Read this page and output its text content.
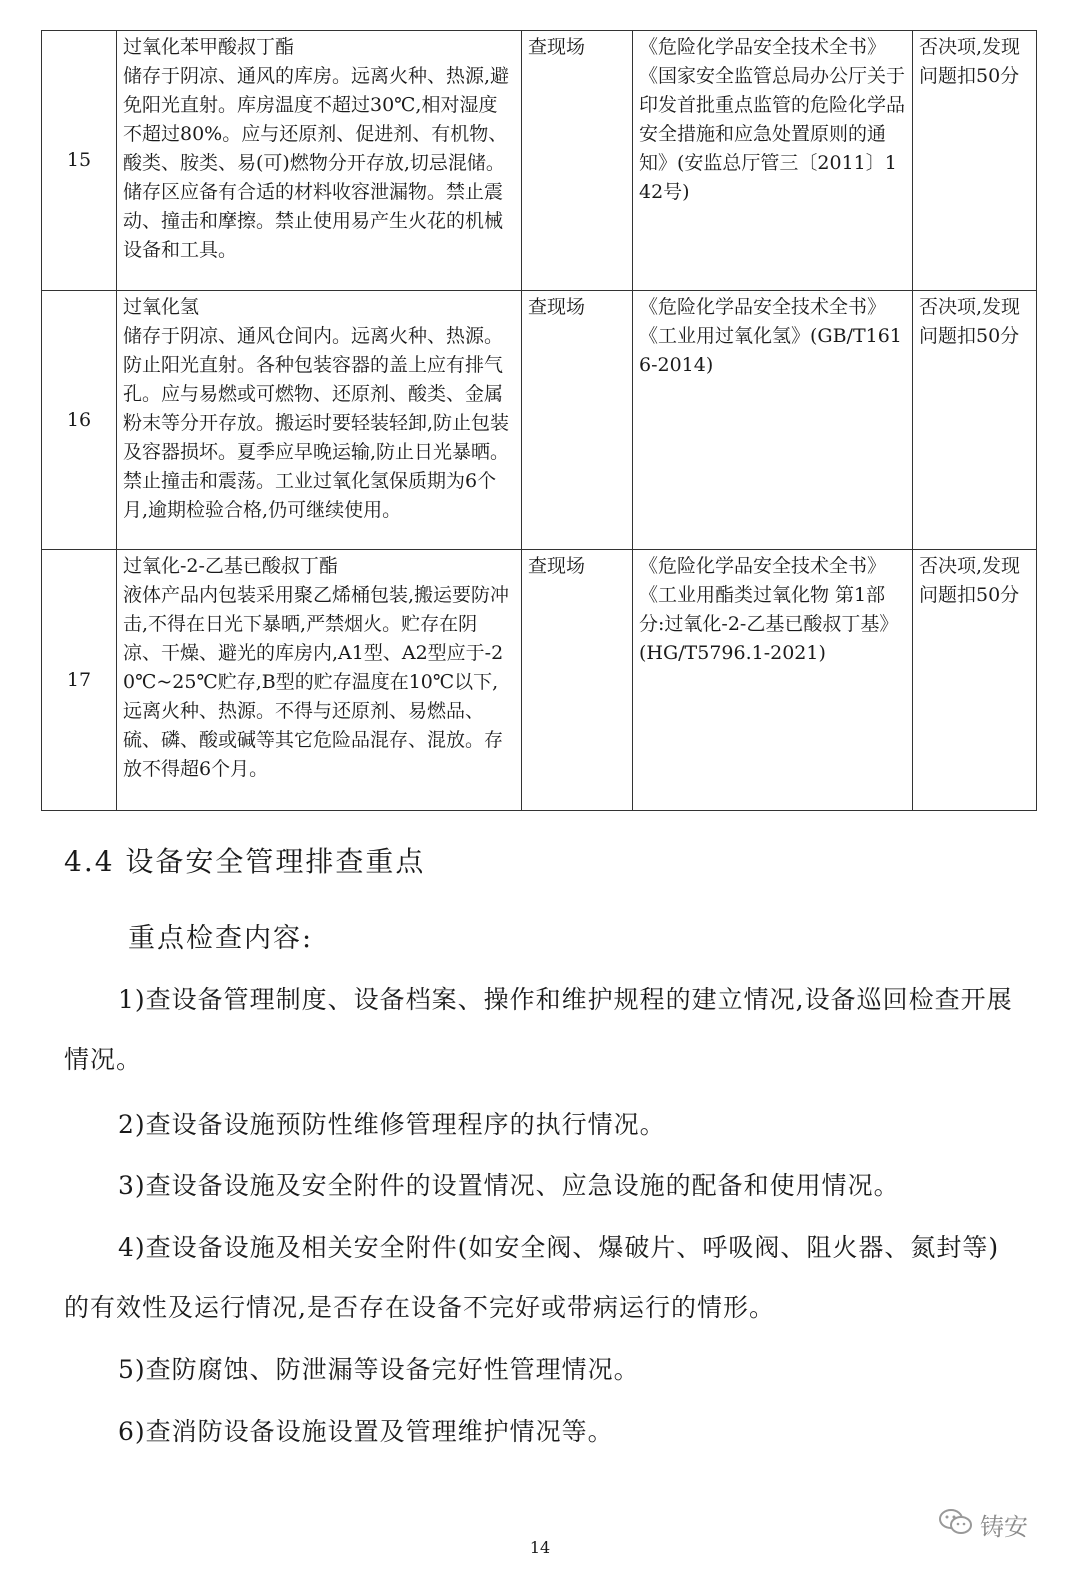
15	过氧化苯甲酸叔丁酯
储存于阴凉、通风的库房。远离火种、热源,避免阳光直射。库房温度不超过30℃,相对湿度不超过80%。应与还原剂、促进剂、有机物、酸类、胺类、易(可)燃物分开存放,切忌混储。储存区应备有合适的材料收容泄漏物。禁止震动、撞击和摩擦。禁止使用易产生火花的机械设备和工具。	查现场	《危险化学品安全技术全书》《国家安全监管总局办公厅关于印发首批重点监管的危险化学品安全措施和应急处置原则的通知》(安监总厅管三〔2011〕142号)	否决项,发现问题扣50分
16	过氧化氢
储存于阴凉、通风仓间内。远离火种、热源。防止阳光直射。各种包装容器的盖上应有排气孔。应与易燃或可燃物、还原剂、酸类、金属粉末等分开存放。搬运时要轻装轻卸,防止包装及容器损坏。夏季应早晚运输,防止日光暴晒。禁止撞击和震荡。工业过氧化氢保质期为6个月,逾期检验合格,仍可继续使用。	查现场	《危险化学品安全技术全书》《工业用过氧化氢》(GB/T1616-2014)	否决项,发现问题扣50分
17	过氧化-2-乙基已酸叔丁酯
液体产品内包装采用聚乙烯桶包装,搬运要防冲击,不得在日光下暴晒,严禁烟火。贮存在阴凉、干燥、避光的库房内,A1型、A2型应于-20℃~25℃贮存,B型的贮存温度在10℃以下,远离火种、热源。不得与还原剂、易燃品、硫、磷、酸或碱等其它危险品混存、混放。存放不得超6个月。	查现场	《危险化学品安全技术全书》《工业用酯类过氧化物 第1部分:过氧化-2-乙基已酸叔丁基》(HG/T5796.1-2021)	否决项,发现问题扣50分
4.4 设备安全管理排查重点
重点检查内容:

1)查设备管理制度、设备档案、操作和维护规程的建立情况,设备巡回检查开展情况。

2)查设备设施预防性维修管理程序的执行情况。

3)查设备设施及安全附件的设置情况、应急设施的配备和使用情况。

4)查设备设施及相关安全附件(如安全阀、爆破片、呼吸阀、阻火器、氮封等)的有效性及运行情况,是否存在设备不完好或带病运行的情形。

5)查防腐蚀、防泄漏等设备完好性管理情况。

6)查消防设备设施设置及管理维护情况等。

铸安
14
